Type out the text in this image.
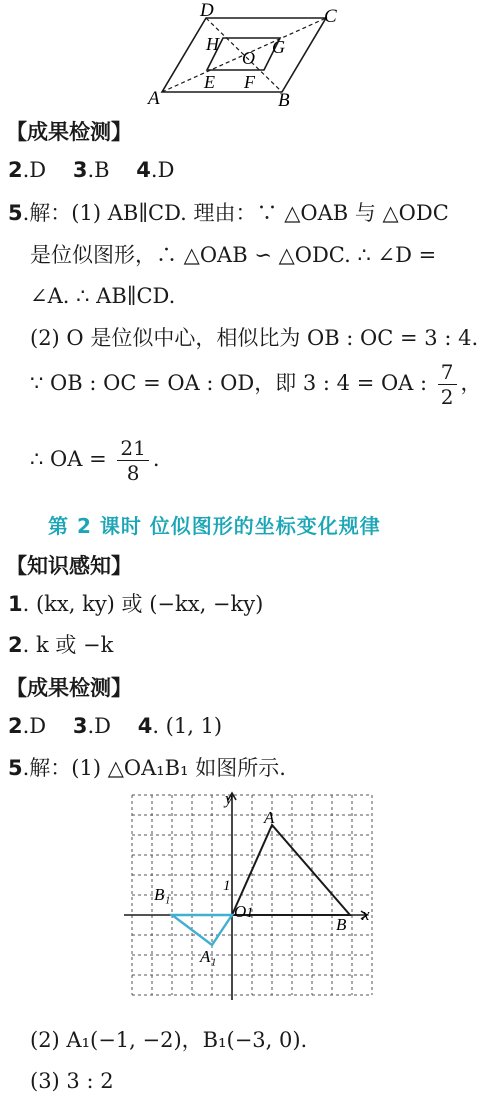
D	C
H	G
O
A
E F
B
【成果检测】
2.D 3.B 4.D
5.解：(1) AB∥CD. 理由：∵ △OAB 与 △ODC
是位似图形，∴ △OAB ∽ △ODC. ∴ ∠D =
∠A. ∴ AB∥CD.
(2) O 是位似中心，相似比为 OB : OC = 3 : 4.
∵ OB : OC = OA : OD，即 3 : 4 = OA : $\frac{7}{2}$ ，
∴ OA = $\frac{21}{8}$ .
第 2 课时 位似图形的坐标变化规律
【知识感知】
1. (kx, ky) 或 (−kx, −ky)
2. k 或 −k
【成果检测】
2.D 3.D 4. (1, 1)
5.解：(1) △OA₁B₁ 如图所示.
y
x
A
B
O 1
1
B₁
A₁
(2) A₁(−1, −2)，B₁(−3, 0).
(3) 3 : 2
